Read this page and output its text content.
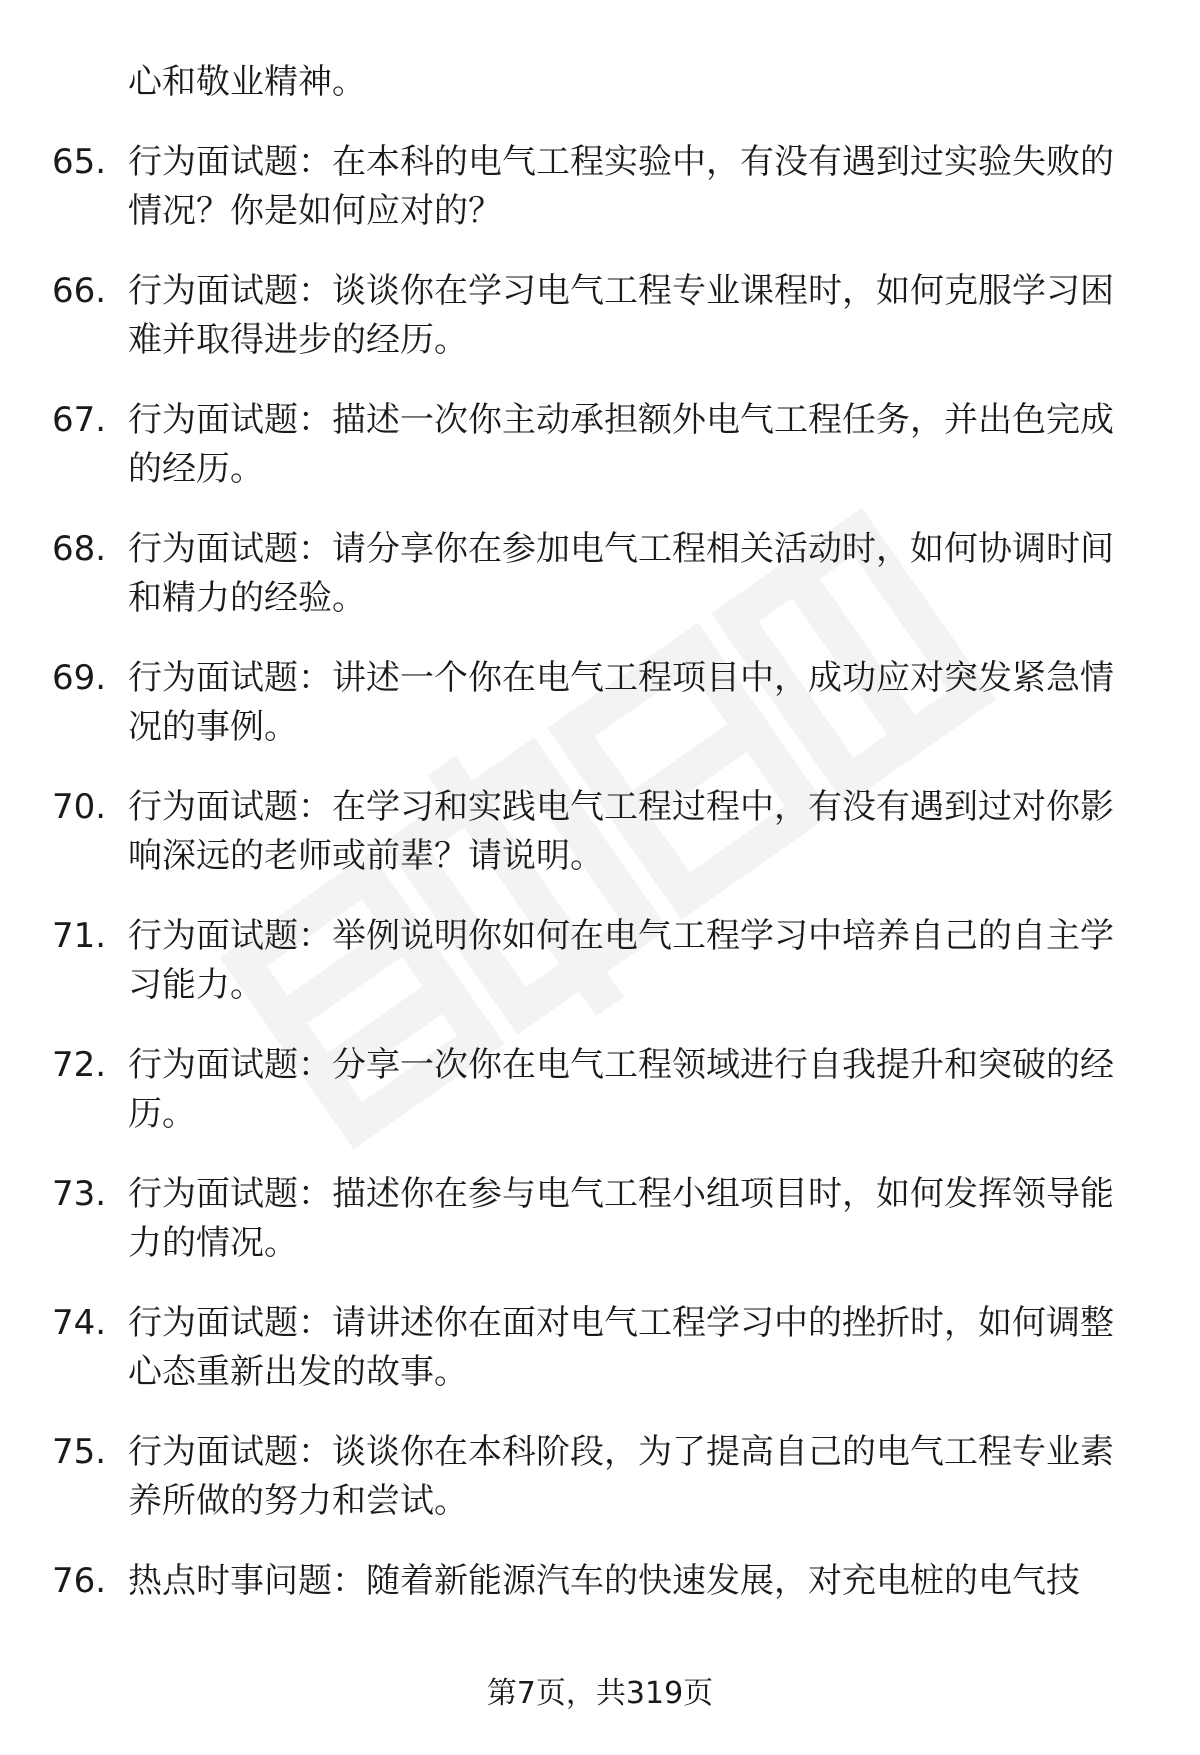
心和敬业精神。
65. 行为面试题：在本科的电气工程实验中，有没有遇到过实验失败的情况？你是如何应对的？
66. 行为面试题：谈谈你在学习电气工程专业课程时，如何克服学习困难并取得进步的经历。
67. 行为面试题：描述一次你主动承担额外电气工程任务，并出色完成的经历。
68. 行为面试题：请分享你在参加电气工程相关活动时，如何协调时间和精力的经验。
69. 行为面试题：讲述一个你在电气工程项目中，成功应对突发紧急情况的事例。
70. 行为面试题：在学习和实践电气工程过程中，有没有遇到过对你影响深远的老师或前辈？请说明。
71. 行为面试题：举例说明你如何在电气工程学习中培养自己的自主学习能力。
72. 行为面试题：分享一次你在电气工程领域进行自我提升和突破的经历。
73. 行为面试题：描述你在参与电气工程小组项目时，如何发挥领导能力的情况。
74. 行为面试题：请讲述你在面对电气工程学习中的挫折时，如何调整心态重新出发的故事。
75. 行为面试题：谈谈你在本科阶段，为了提高自己的电气工程专业素养所做的努力和尝试。
76. 热点时事问题：随着新能源汽车的快速发展，对充电桩的电气技
第7页，共319页
